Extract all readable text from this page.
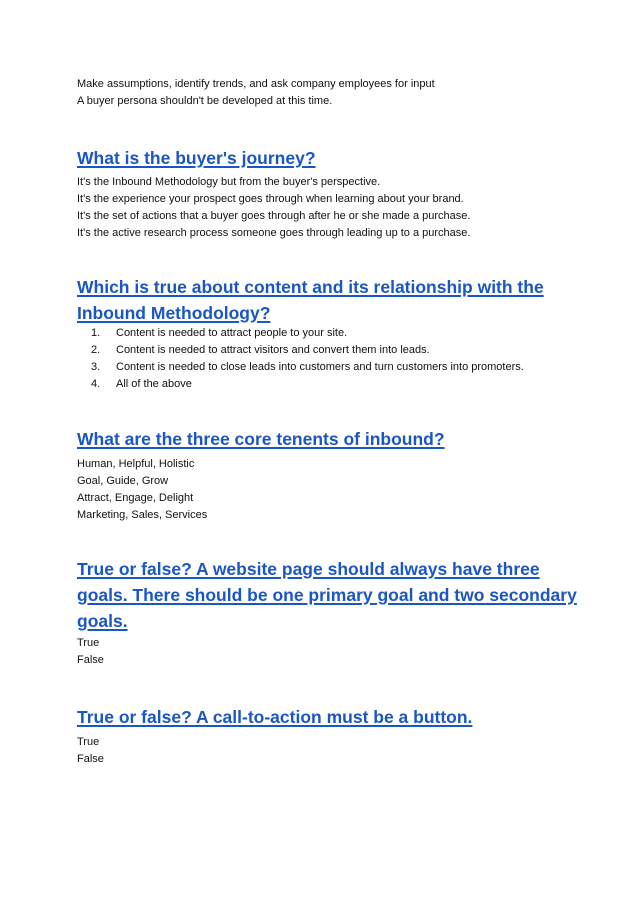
Make assumptions, identify trends, and ask company employees for input
A buyer persona shouldn't be developed at this time.
What is the buyer's journey?
It's the Inbound Methodology but from the buyer's perspective.
It's the experience your prospect goes through when learning about your brand.
It's the set of actions that a buyer goes through after he or she made a purchase.
It's the active research process someone goes through leading up to a purchase.
Which is true about content and its relationship with the Inbound Methodology?
1. Content is needed to attract people to your site.
2. Content is needed to attract visitors and convert them into leads.
3. Content is needed to close leads into customers and turn customers into promoters.
4. All of the above
What are the three core tenents of inbound?
Human, Helpful, Holistic
Goal, Guide, Grow
Attract, Engage, Delight
Marketing, Sales, Services
True or false? A website page should always have three goals. There should be one primary goal and two secondary goals.
True
False
True or false? A call-to-action must be a button.
True
False
